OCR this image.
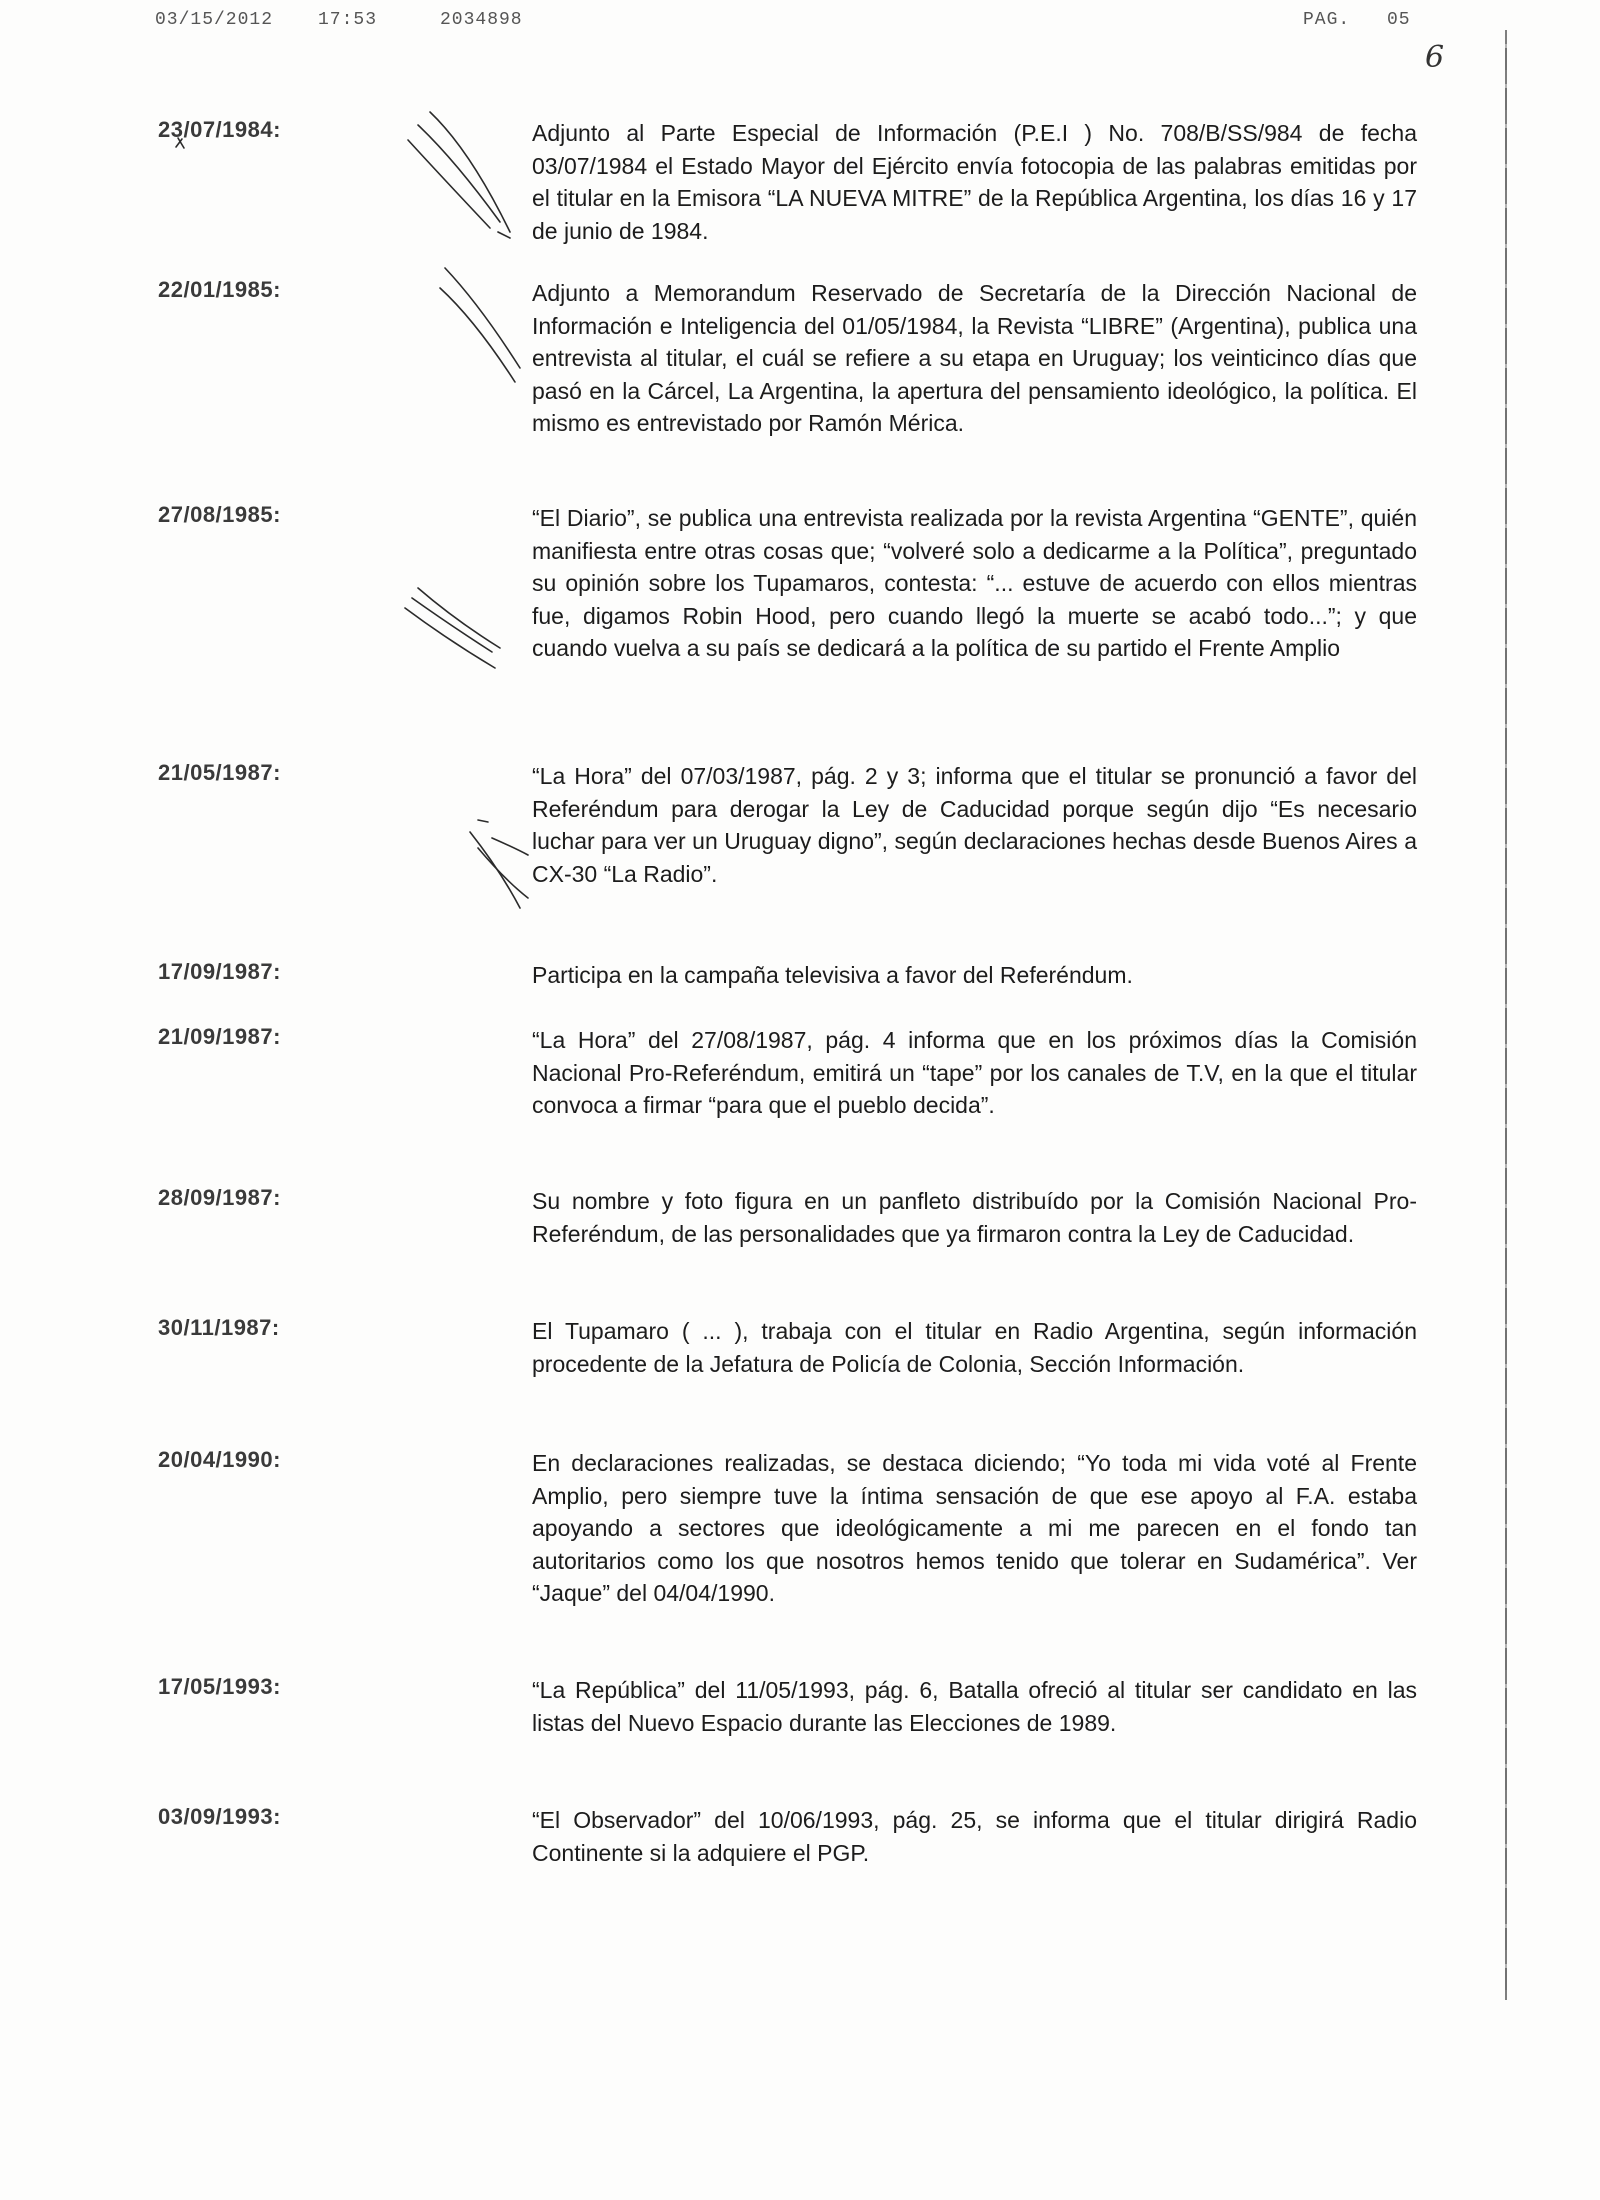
03/15/2012 17:53	2034898	PAG. 05
6
23/07/1984:	Adjunto al Parte Especial de Información (P.E.I ) No. 708/B/SS/984 de fecha 03/07/1984 el Estado Mayor del Ejército envía fotocopia de las palabras emitidas por el titular en la Emisora “LA NUEVA MITRE” de la República Argentina, los días 16 y 17 de junio de 1984.

22/01/1985:	Adjunto a Memorandum Reservado de Secretaría de la Dirección Nacional de Información e Inteligencia del 01/05/1984, la Revista “LIBRE” (Argentina), publica una entrevista al titular, el cuál se refiere a su etapa en Uruguay; los veinticinco días que pasó en la Cárcel, La Argentina, la apertura del pensamiento ideológico, la política. El mismo es entrevistado por Ramón Mérica.

27/08/1985:	“El Diario”, se publica una entrevista realizada por la revista Argentina “GENTE”, quién manifiesta entre otras cosas que; “volveré solo a dedicarme a la Política”, preguntado su opinión sobre los Tupamaros, contesta: “... estuve de acuerdo con ellos mientras fue, digamos Robin Hood, pero cuando llegó la muerte se acabó todo...”; y que cuando vuelva a su país se dedicará a la política de su partido el Frente Amplio

21/05/1987:	“La Hora” del 07/03/1987, pág. 2 y 3; informa que el titular se pronunció a favor del Referéndum para derogar la Ley de Caducidad porque según dijo “Es necesario luchar para ver un Uruguay digno”, según declaraciones hechas desde Buenos Aires a CX-30 “La Radio”.

17/09/1987:	Participa en la campaña televisiva a favor del Referéndum.

21/09/1987:	“La Hora” del 27/08/1987, pág. 4 informa que en los próximos días la Comisión Nacional Pro-Referéndum, emitirá un “tape” por los canales de T.V, en la que el titular convoca a firmar “para que el pueblo decida”.

28/09/1987:	Su nombre y foto figura en un panfleto distribuído por la Comisión Nacional Pro- Referéndum, de las personalidades que ya firmaron contra la Ley de Caducidad.

30/11/1987:	El Tupamaro ( ... ), trabaja con el titular en Radio Argentina, según información procedente de la Jefatura de Policía de Colonia, Sección Información.

20/04/1990:	En declaraciones realizadas, se destaca diciendo; “Yo toda mi vida voté al Frente Amplio, pero siempre tuve la íntima sensación de que ese apoyo al F.A. estaba apoyando a sectores que ideológicamente a mi me parecen en el fondo tan autoritarios como los que nosotros hemos tenido que tolerar en Sudamérica”. Ver “Jaque” del 04/04/1990.

17/05/1993:	“La República” del 11/05/1993, pág. 6, Batalla ofreció al titular ser candidato en las listas del Nuevo Espacio durante las Elecciones de 1989.

03/09/1993:	“El Observador” del 10/06/1993, pág. 25, se informa que el titular dirigirá Radio Continente si la adquiere el PGP.
